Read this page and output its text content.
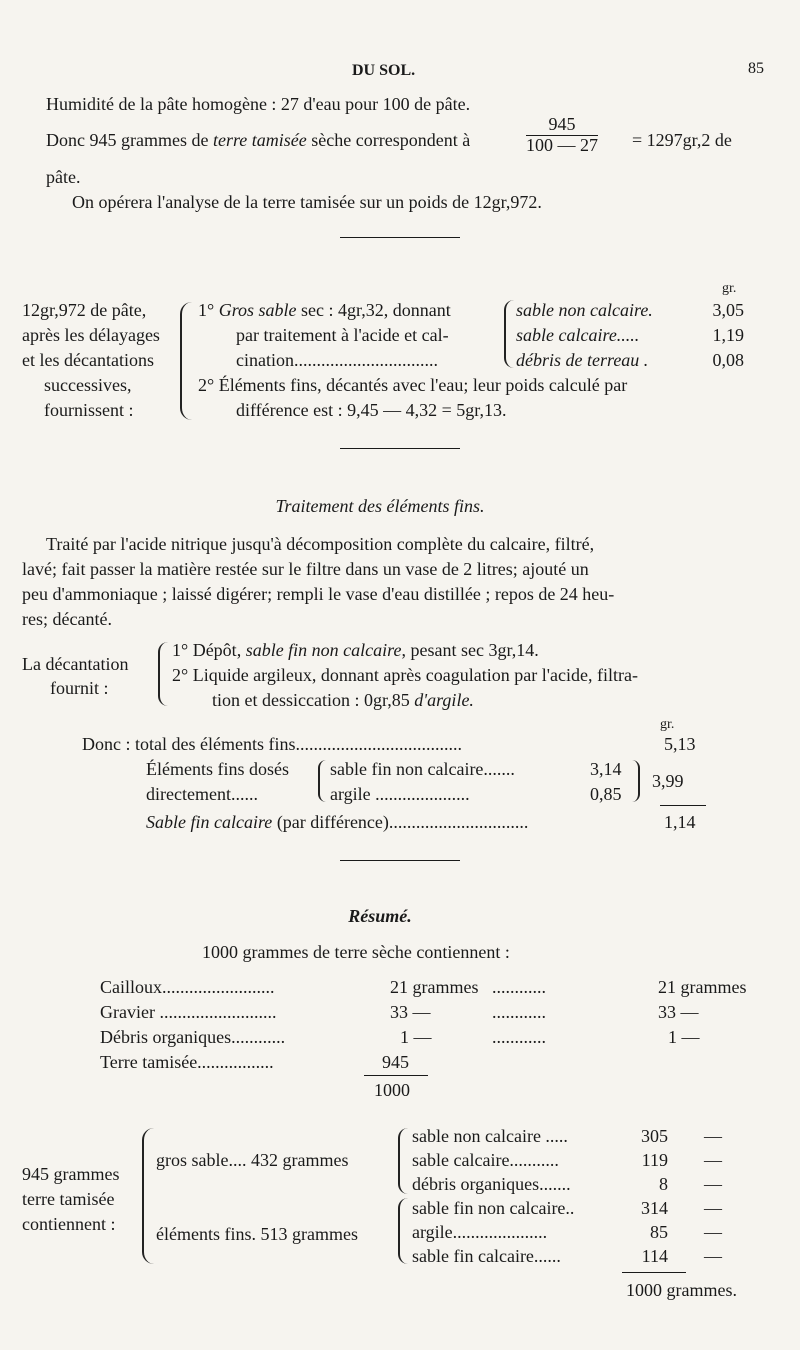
DU SOL.	85
Humidité de la pâte homogène : 27 d'eau pour 100 de pâte.
Donc 945 grammes de terre tamisée sèche correspondent à	$\frac{945}{100 — 27} = 1297gr,2$ de
pâte.
On opérera l'analyse de la terre tamisée sur un poids de 12gr,972.
gr.
12gr,972 de pâte,
après les délayages
et les décantations
successives,
fournissent :
1° Gros sable sec : 4gr,32, donnant
par traitement à l'acide et cal-
cination................................
sable non calcaire.	3,05
sable calcaire.....	1,19
débris de terreau .	0,08
2° Éléments fins, décantés avec l'eau; leur poids calculé par
différence est : 9,45 — 4,32 = 5gr,13.
Traitement des éléments fins.
Traité par l'acide nitrique jusqu'à décomposition complète du calcaire, filtré,
lavé; fait passer la matière restée sur le filtre dans un vase de 2 litres; ajouté un
peu d'ammoniaque ; laissé digérer; rempli le vase d'eau distillée ; repos de 24 heu-
res; décanté.
La décantation
fournit :
1° Dépôt, sable fin non calcaire, pesant sec 3gr,14.
2° Liquide argileux, donnant après coagulation par l'acide, filtra-
tion et dessiccation : 0gr,85 d'argile.
gr.
Donc : total des éléments fins.....................................	5,13
Éléments fins dosés
directement......
sable fin non calcaire.......	3,14
argile .....................	0,85
3,99
Sable fin calcaire (par différence)...............................	1,14
Résumé.
1000 grammes de terre sèche contiennent :
Cailloux.........................	21 grammes ............	21 grammes
Gravier ..........................	33 —	............	33 —
Débris organiques............	1 —	............	1 —
Terre tamisée.................	945
1000
945 grammes
terre tamisée
contiennent :
gros sable.... 432 grammes
éléments fins. 513 grammes
sable non calcaire .....	305 —
sable calcaire...........	119 —
débris organiques.......	8 —
sable fin non calcaire..	314 —
argile.....................	85 —
sable fin calcaire......	114 —
1000 grammes.
